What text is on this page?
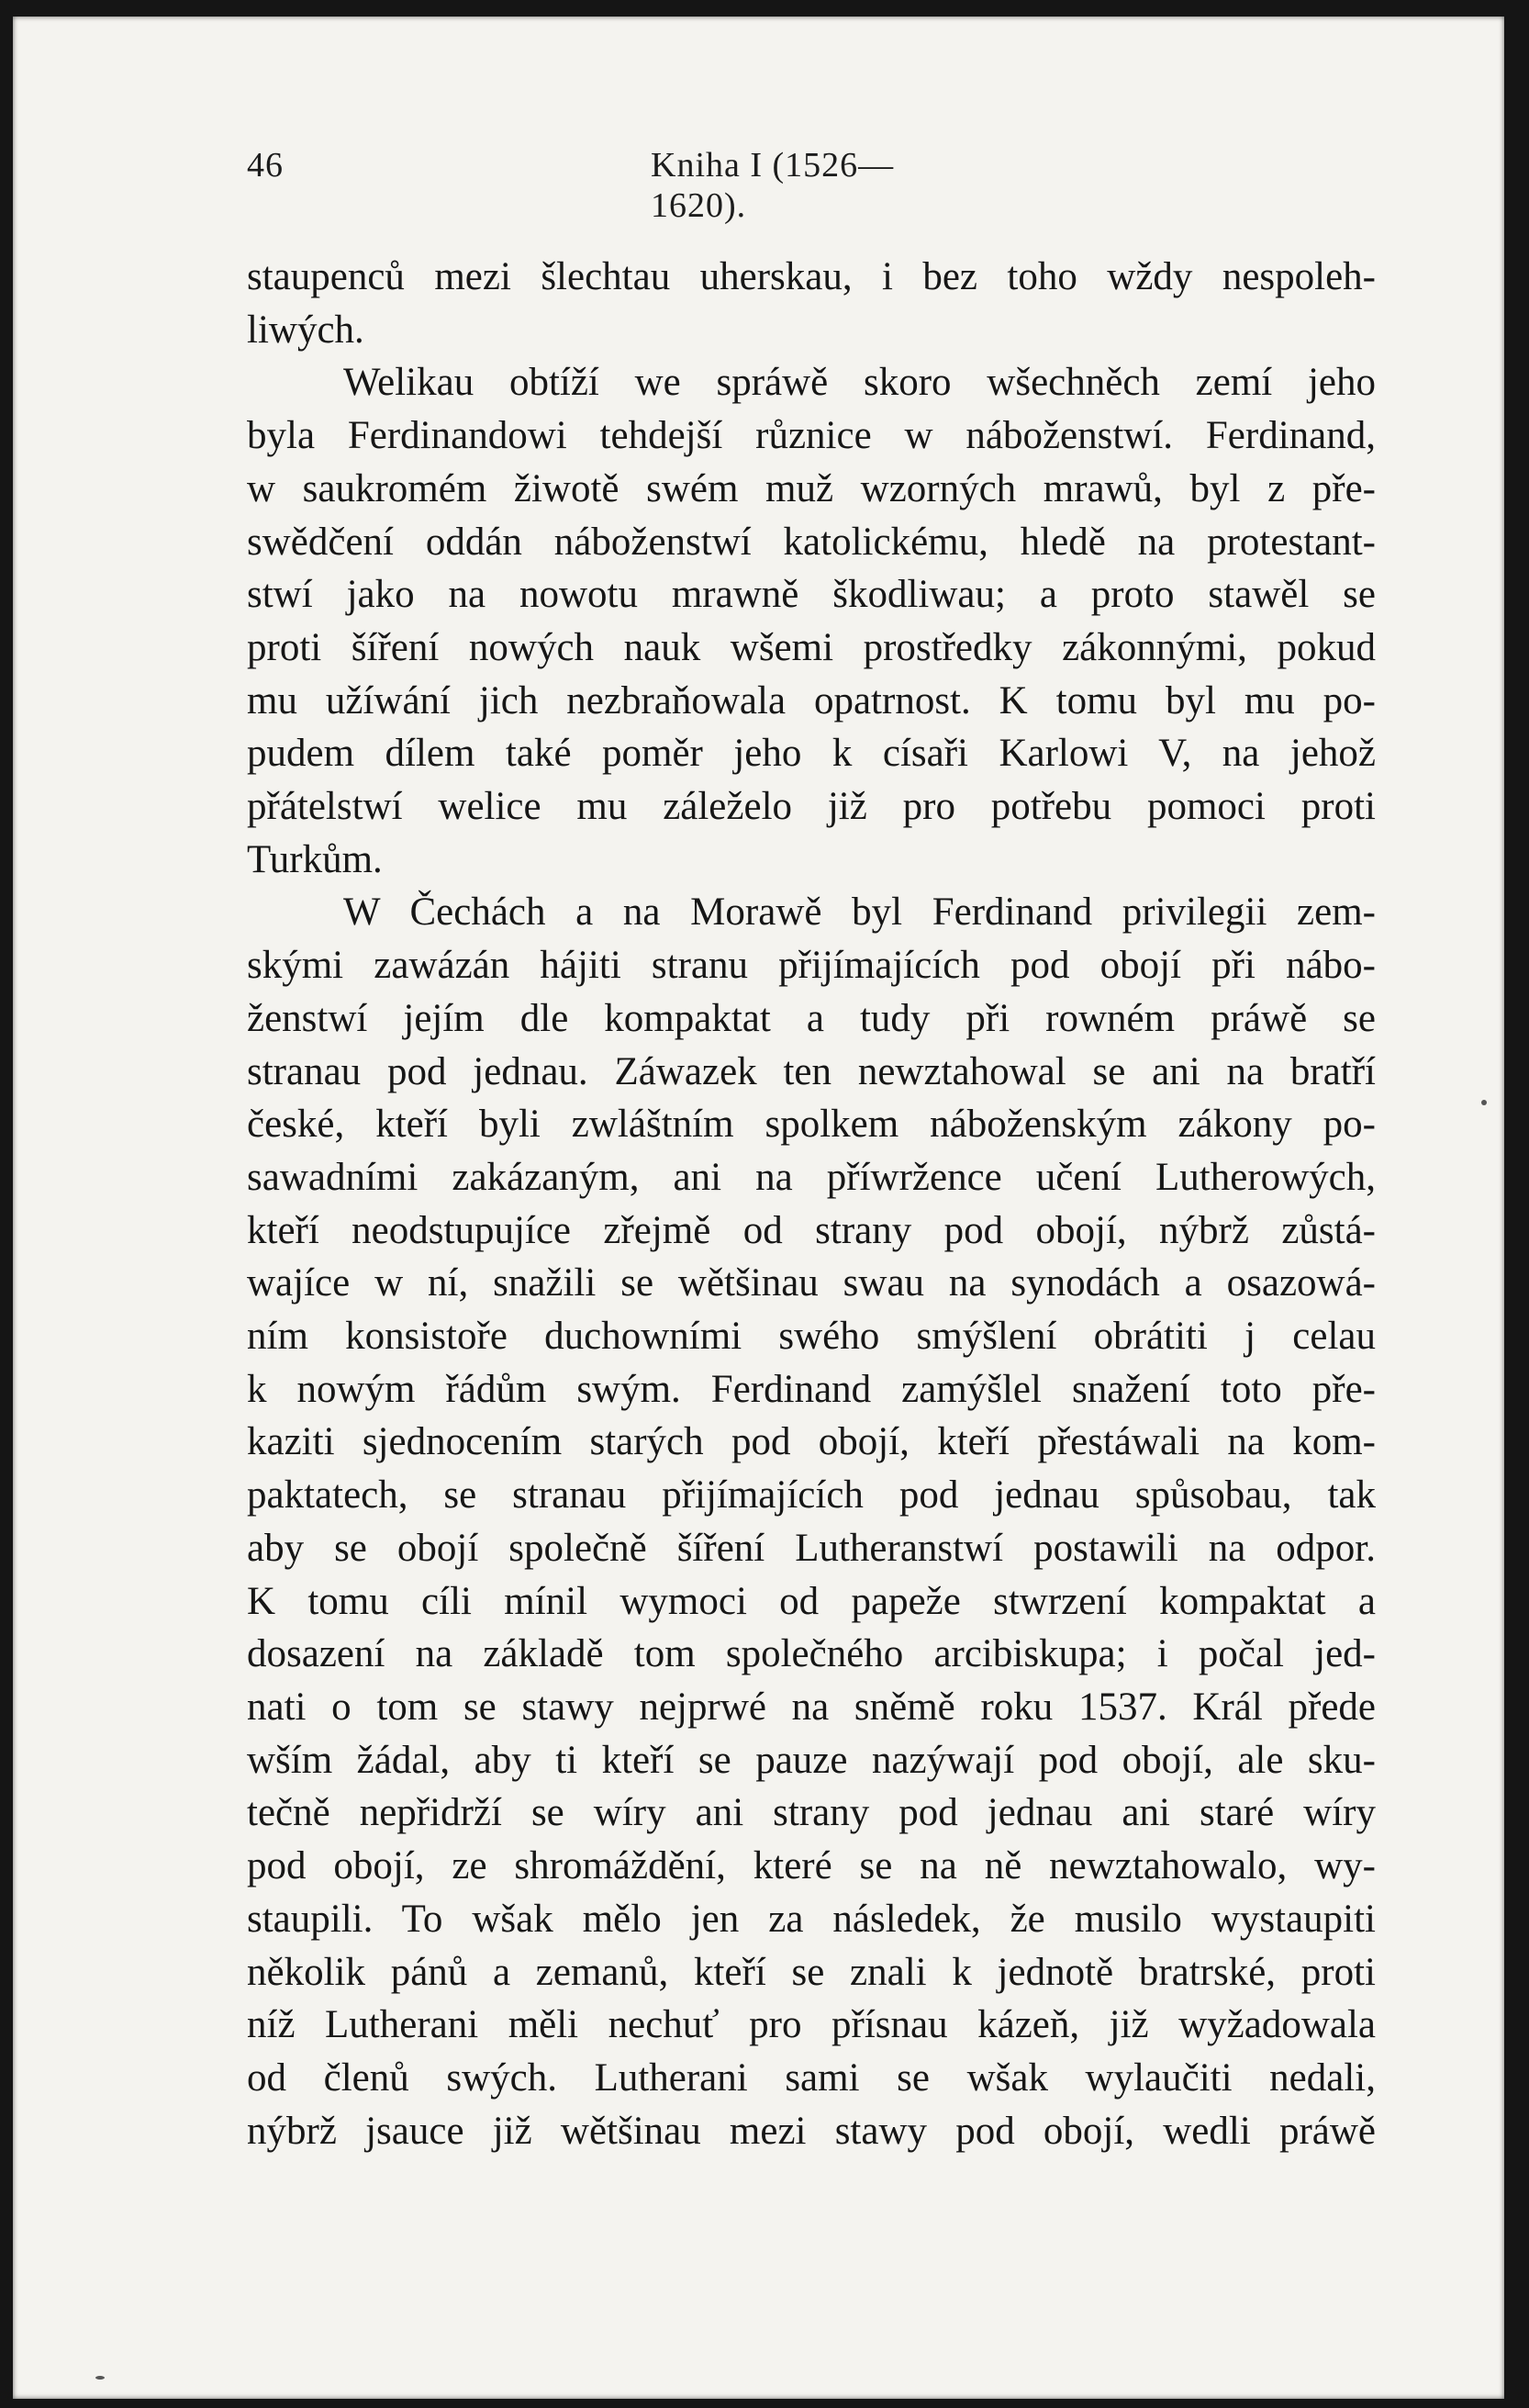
46	Kniha I (1526—1620).
staupenců mezi šlechtau uherskau, i bez toho wždy nespoleh-
liwých.
Welikau obtíží we spráwě skoro wšechněch zemí jeho
byla Ferdinandowi tehdejší různice w náboženstwí. Ferdinand,
w saukromém žiwotě swém muž wzorných mrawů, byl z pře-
swědčení oddán náboženstwí katolickému, hledě na protestant-
stwí jako na nowotu mrawně škodliwau; a proto stawěl se
proti šíření nowých nauk wšemi prostředky zákonnými, pokud
mu užíwání jich nezbraňowala opatrnost. K tomu byl mu po-
pudem dílem také poměr jeho k císaři Karlowi V, na jehož
přátelstwí welice mu záleželo již pro potřebu pomoci proti
Turkům.
W Čechách a na Morawě byl Ferdinand privilegii zem-
skými zawázán hájiti stranu přijímajících pod obojí při nábo-
ženstwí jejím dle kompaktat a tudy při rowném práwě se
stranau pod jednau. Záwazek ten newztahowal se ani na bratří
české, kteří byli zwláštním spolkem náboženským zákony po-
sawadními zakázaným, ani na příwržence učení Lutherowých,
kteří neodstupujíce zřejmě od strany pod obojí, nýbrž zůstá-
wajíce w ní, snažili se wětšinau swau na synodách a osazowá-
ním konsistoře duchowními swého smýšlení obrátiti j celau
k nowým řádům swým. Ferdinand zamýšlel snažení toto pře-
kaziti sjednocením starých pod obojí, kteří přestáwali na kom-
paktatech, se stranau přijímajících pod jednau spůsobau, tak
aby se obojí společně šíření Lutheranstwí postawili na odpor.
K tomu cíli mínil wymoci od papeže stwrzení kompaktat a
dosazení na základě tom společného arcibiskupa; i počal jed-
nati o tom se stawy nejprwé na sněmě roku 1537. Král přede
wším žádal, aby ti kteří se pauze nazýwají pod obojí, ale sku-
tečně nepřidrží se wíry ani strany pod jednau ani staré wíry
pod obojí, ze shromáždění, které se na ně newztahowalo, wy-
staupili. To wšak mělo jen za následek, že musilo wystaupiti
několik pánů a zemanů, kteří se znali k jednotě bratrské, proti
níž Lutherani měli nechuť pro přísnau kázeň, již wyžadowala
od členů swých. Lutherani sami se wšak wylaučiti nedali,
nýbrž jsauce již wětšinau mezi stawy pod obojí, wedli práwě
